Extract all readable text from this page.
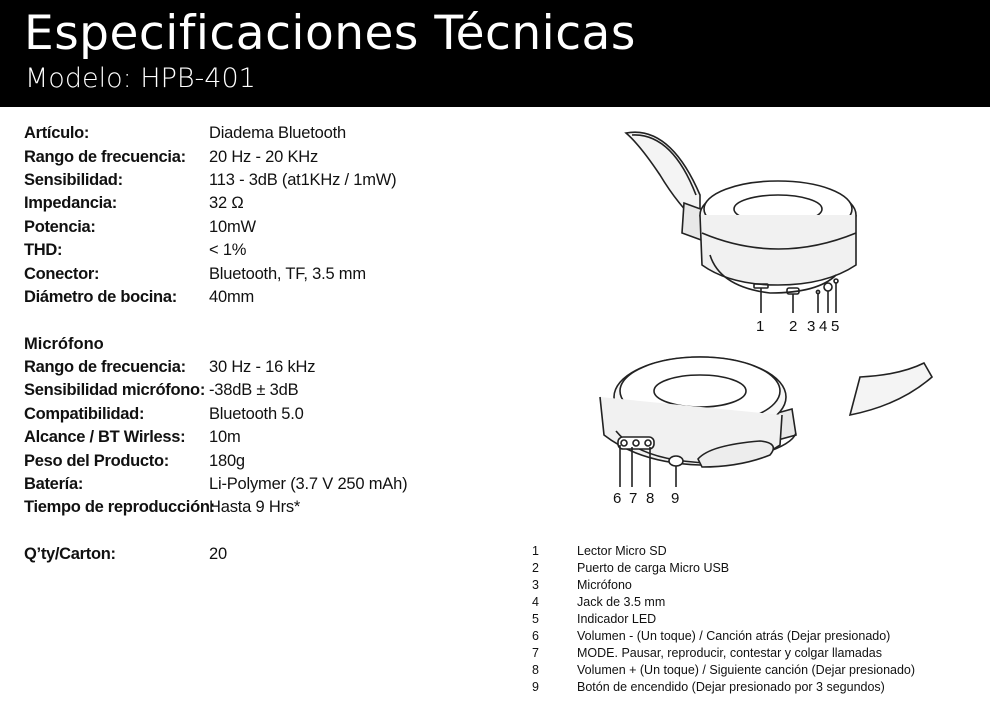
Especificaciones Técnicas
Modelo: HPB-401
Artículo:	Diadema Bluetooth
Rango de frecuencia:	20 Hz - 20 KHz
Sensibilidad:	113 - 3dB (at1KHz / 1mW)
Impedancia:	32 Ω
Potencia:	10mW
THD:	< 1%
Conector:	Bluetooth, TF, 3.5 mm
Diámetro de bocina:	40mm
Micrófono
Rango de frecuencia:	30 Hz - 16 kHz
Sensibilidad micrófono: -38dB ± 3dB
Compatibilidad:	Bluetooth 5.0
Alcance / BT Wirless:	10m
Peso del Producto:	180g
Batería:	Li-Polymer (3.7 V 250 mAh)
Tiempo de reproducción:
Hasta 9 Hrs*
Q’ty/Carton:	20
1 2 3 4 5
6 7 8 9
1	Lector Micro SD
2	Puerto de carga Micro USB
3	Micrófono
4	Jack de 3.5 mm
5	Indicador LED
6	Volumen - (Un toque) / Canción atrás (Dejar presionado)
7	MODE. Pausar, reproducir, contestar y colgar llamadas
8	Volumen + (Un toque) / Siguiente canción (Dejar presionado)
9	Botón de encendido (Dejar presionado por 3 segundos)
